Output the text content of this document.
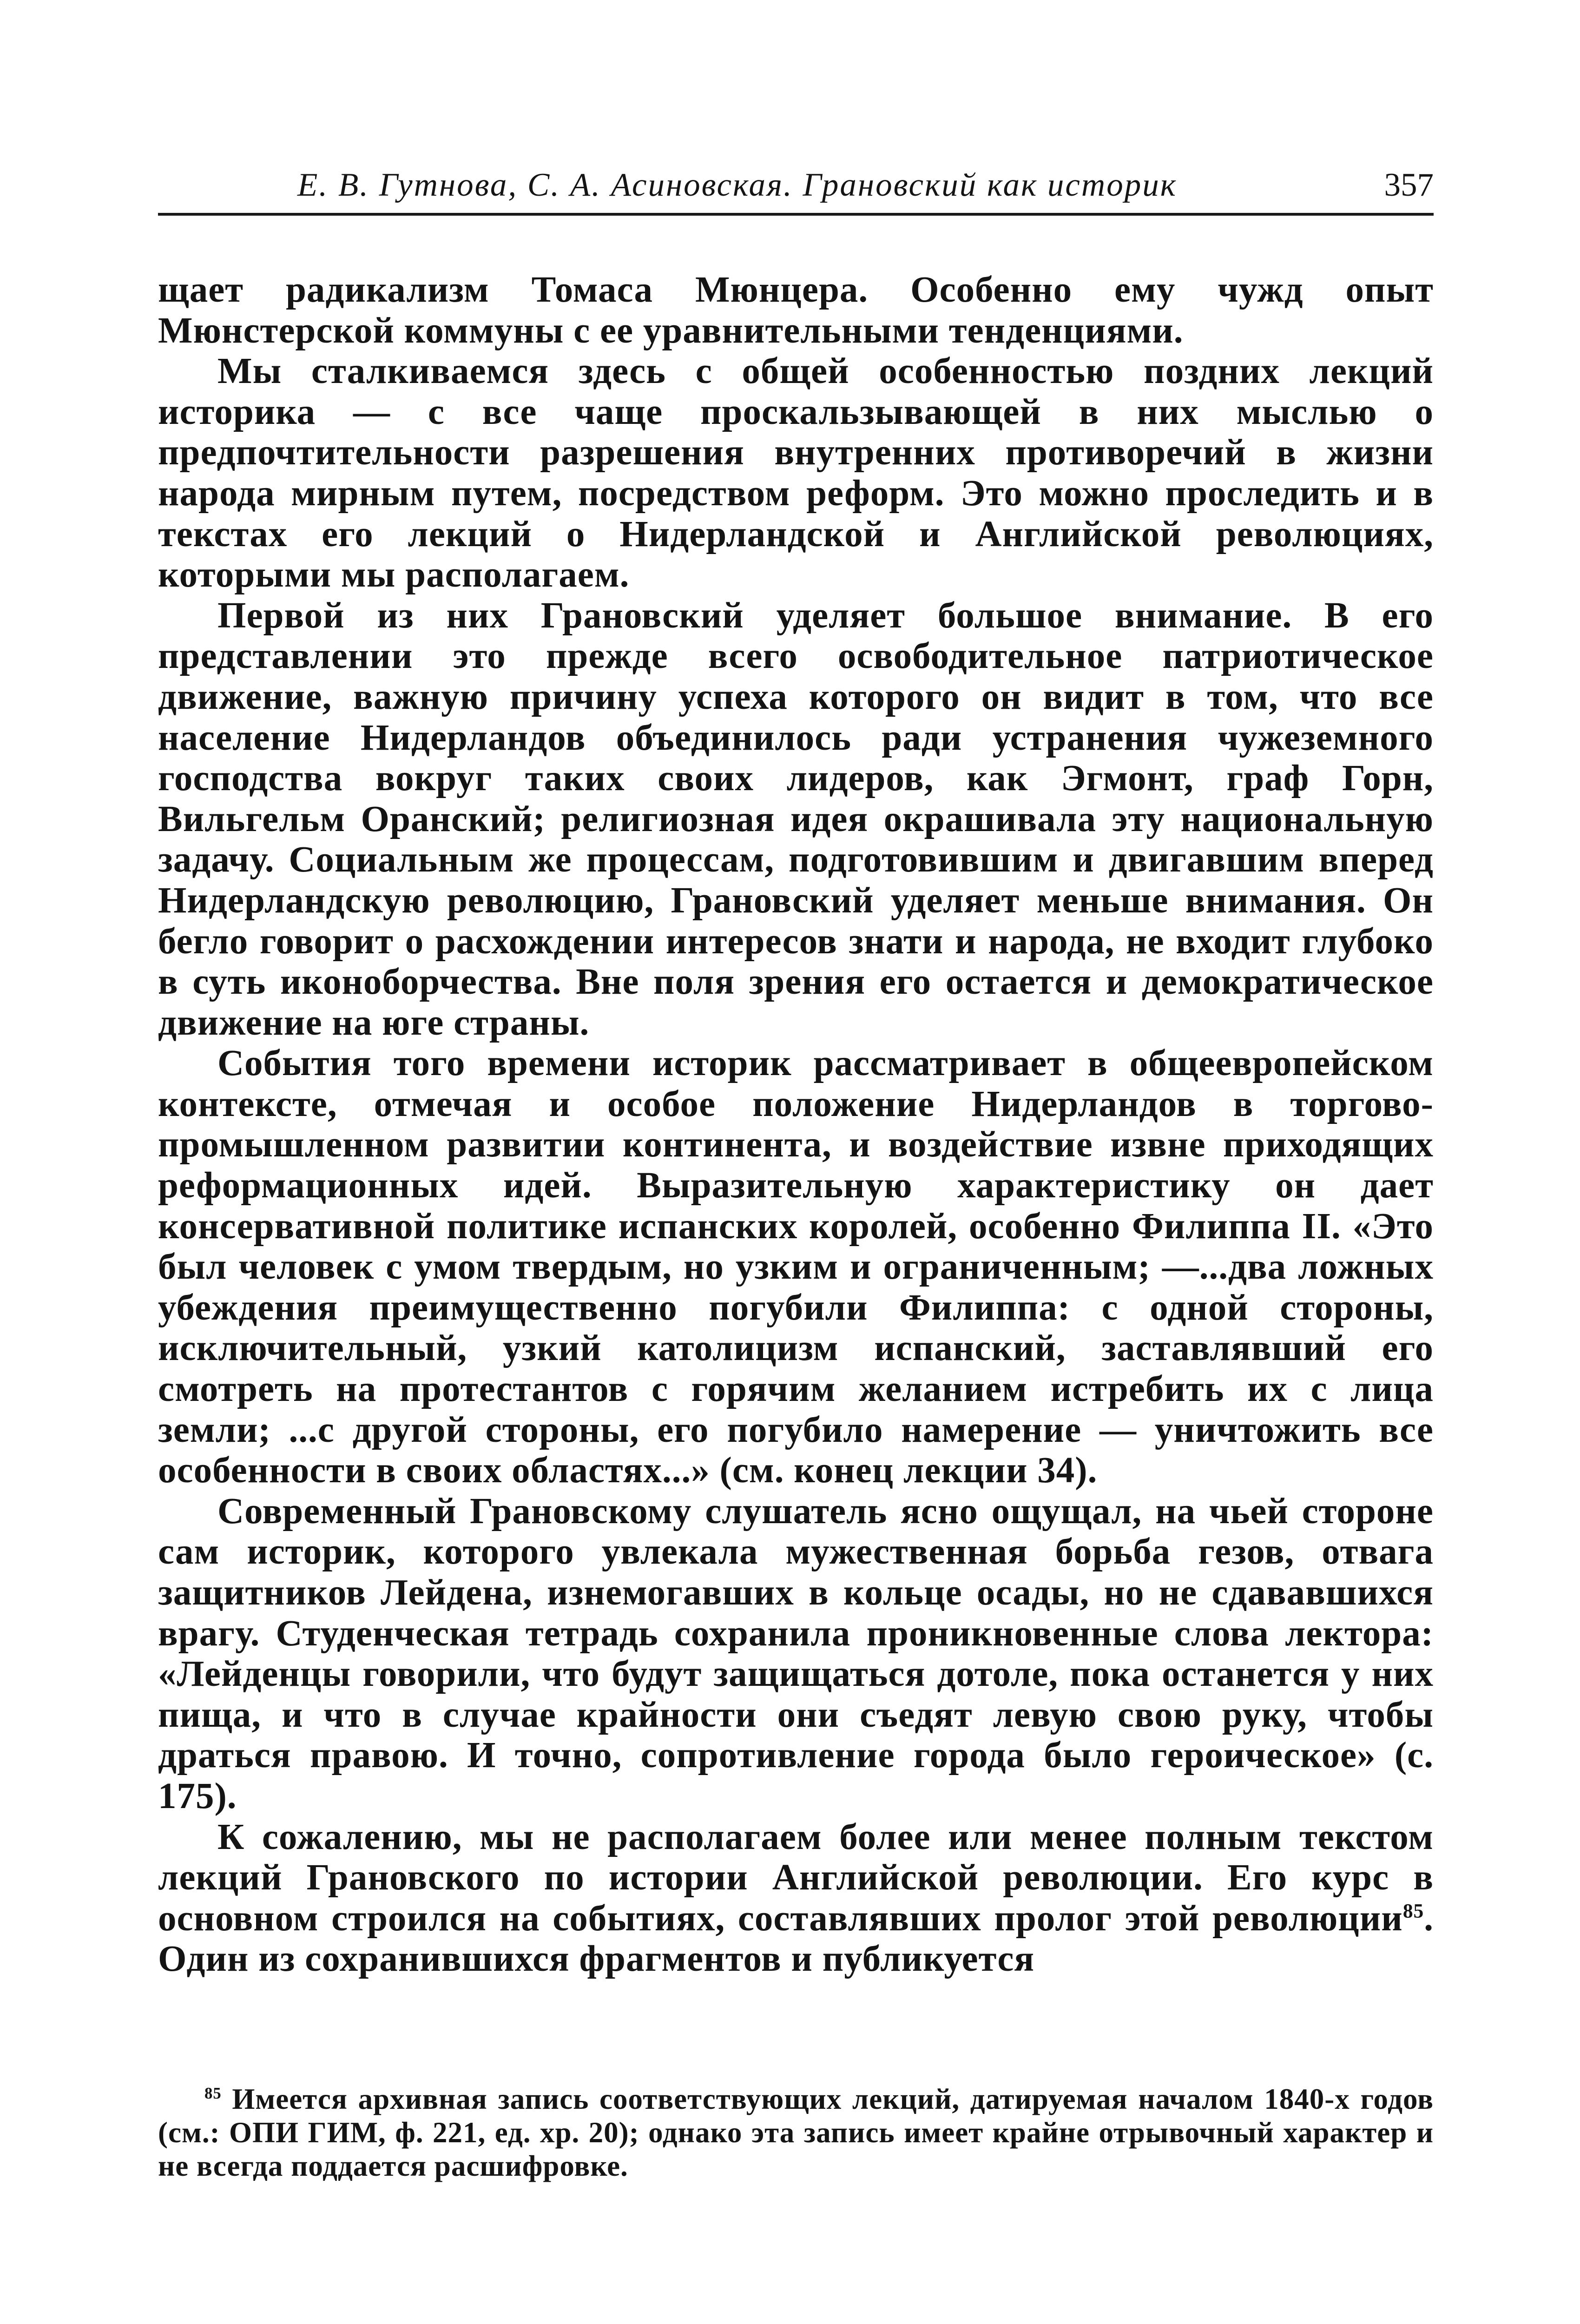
Е. В. Гутнова, С. А. Асиновская. Грановский как историк	357

щает радикализм Томаса Мюнцера. Особенно ему чужд опыт Мюнстерской коммуны с ее уравнительными тенденциями.

Мы сталкиваемся здесь с общей особенностью поздних лекций историка — с все чаще проскальзывающей в них мыслью о предпочтительности разрешения внутренних противоречий в жизни народа мирным путем, посредством реформ. Это можно проследить и в текстах его лекций о Нидерландской и Английской революциях, которыми мы располагаем.

Первой из них Грановский уделяет большое внимание. В его представлении это прежде всего освободительное патриотическое движение, важную причину успеха которого он видит в том, что все население Нидерландов объединилось ради устранения чужеземного господства вокруг таких своих лидеров, как Эгмонт, граф Горн, Вильгельм Оранский; религиозная идея окрашивала эту национальную задачу. Социальным же процессам, подготовившим и двигавшим вперед Нидерландскую революцию, Грановский уделяет меньше внимания. Он бегло говорит о расхождении интересов знати и народа, не входит глубоко в суть иконоборчества. Вне поля зрения его остается и демократическое движение на юге страны.

События того времени историк рассматривает в общеевропейском контексте, отмечая и особое положение Нидерландов в торгово-промышленном развитии континента, и воздействие извне приходящих реформационных идей. Выразительную характеристику он дает консервативной политике испанских королей, особенно Филиппа II. «Это был человек с умом твердым, но узким и ограниченным; —...два ложных убеждения преимущественно погубили Филиппа: с одной стороны, исключительный, узкий католицизм испанский, заставлявший его смотреть на протестантов с горячим желанием истребить их с лица земли; ...с другой стороны, его погубило намерение — уничтожить все особенности в своих областях...» (см. конец лекции 34).

Современный Грановскому слушатель ясно ощущал, на чьей стороне сам историк, которого увлекала мужественная борьба гезов, отвага защитников Лейдена, изнемогавших в кольце осады, но не сдававшихся врагу. Студенческая тетрадь сохранила проникновенные слова лектора: «Лейденцы говорили, что будут защищаться дотоле, пока останется у них пища, и что в случае крайности они съедят левую свою руку, чтобы драться правою. И точно, сопротивление города было героическое» (с. 175).

К сожалению, мы не располагаем более или менее полным текстом лекций Грановского по истории Английской революции. Его курс в основном строился на событиях, составлявших пролог этой революции$^{85}$. Один из сохранившихся фрагментов и публикуется

$^{85}$ Имеется архивная запись соответствующих лекций, датируемая началом 1840-х годов (см.: ОПИ ГИМ, ф. 221, ед. хр. 20); однако эта запись имеет крайне отрывочный характер и не всегда поддается расшифровке.
